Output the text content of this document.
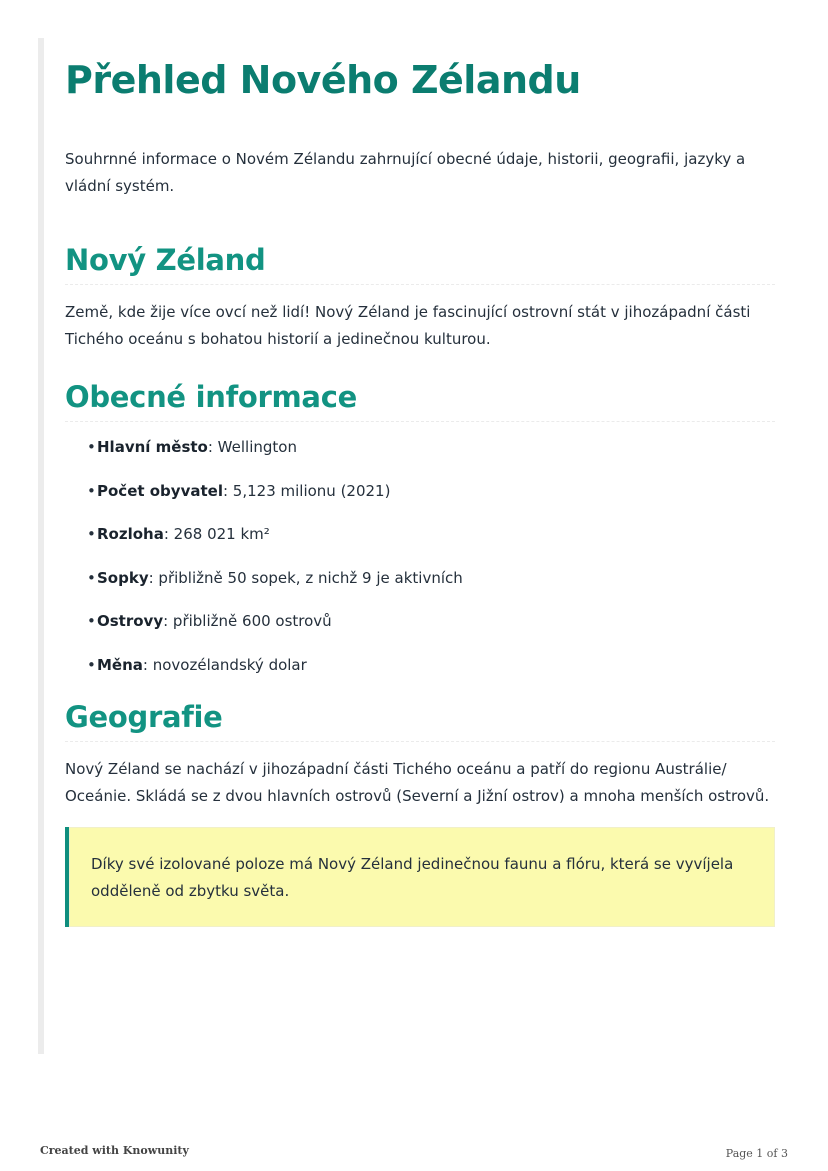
Přehled Nového Zélandu

Souhrnné informace o Novém Zélandu zahrnující obecné údaje, historii, geografii, jazyky a vládní systém.

Nový Zéland

Země, kde žije více ovcí než lidí! Nový Zéland je fascinující ostrovní stát v jihozápadní části Tichého oceánu s bohatou historií a jedinečnou kulturou.

Obecné informace
•Hlavní město: Wellington
•Počet obyvatel: 5,123 milionu (2021)
•Rozloha: 268 021 km²
•Sopky: přibližně 50 sopek, z nichž 9 je aktivních
•Ostrovy: přibližně 600 ostrovů
•Měna: novozélandský dolar
Geografie

Nový Zéland se nachází v jihozápadní části Tichého oceánu a patří do regionu Austrálie/ Oceánie. Skládá se z dvou hlavních ostrovů (Severní a Jižní ostrov) a mnoha menších ostrovů.

Díky své izolované poloze má Nový Zéland jedinečnou faunu a flóru, která se vyvíjela odděleně od zbytku světa.
Created with Knowunity	Page 1 of 3
